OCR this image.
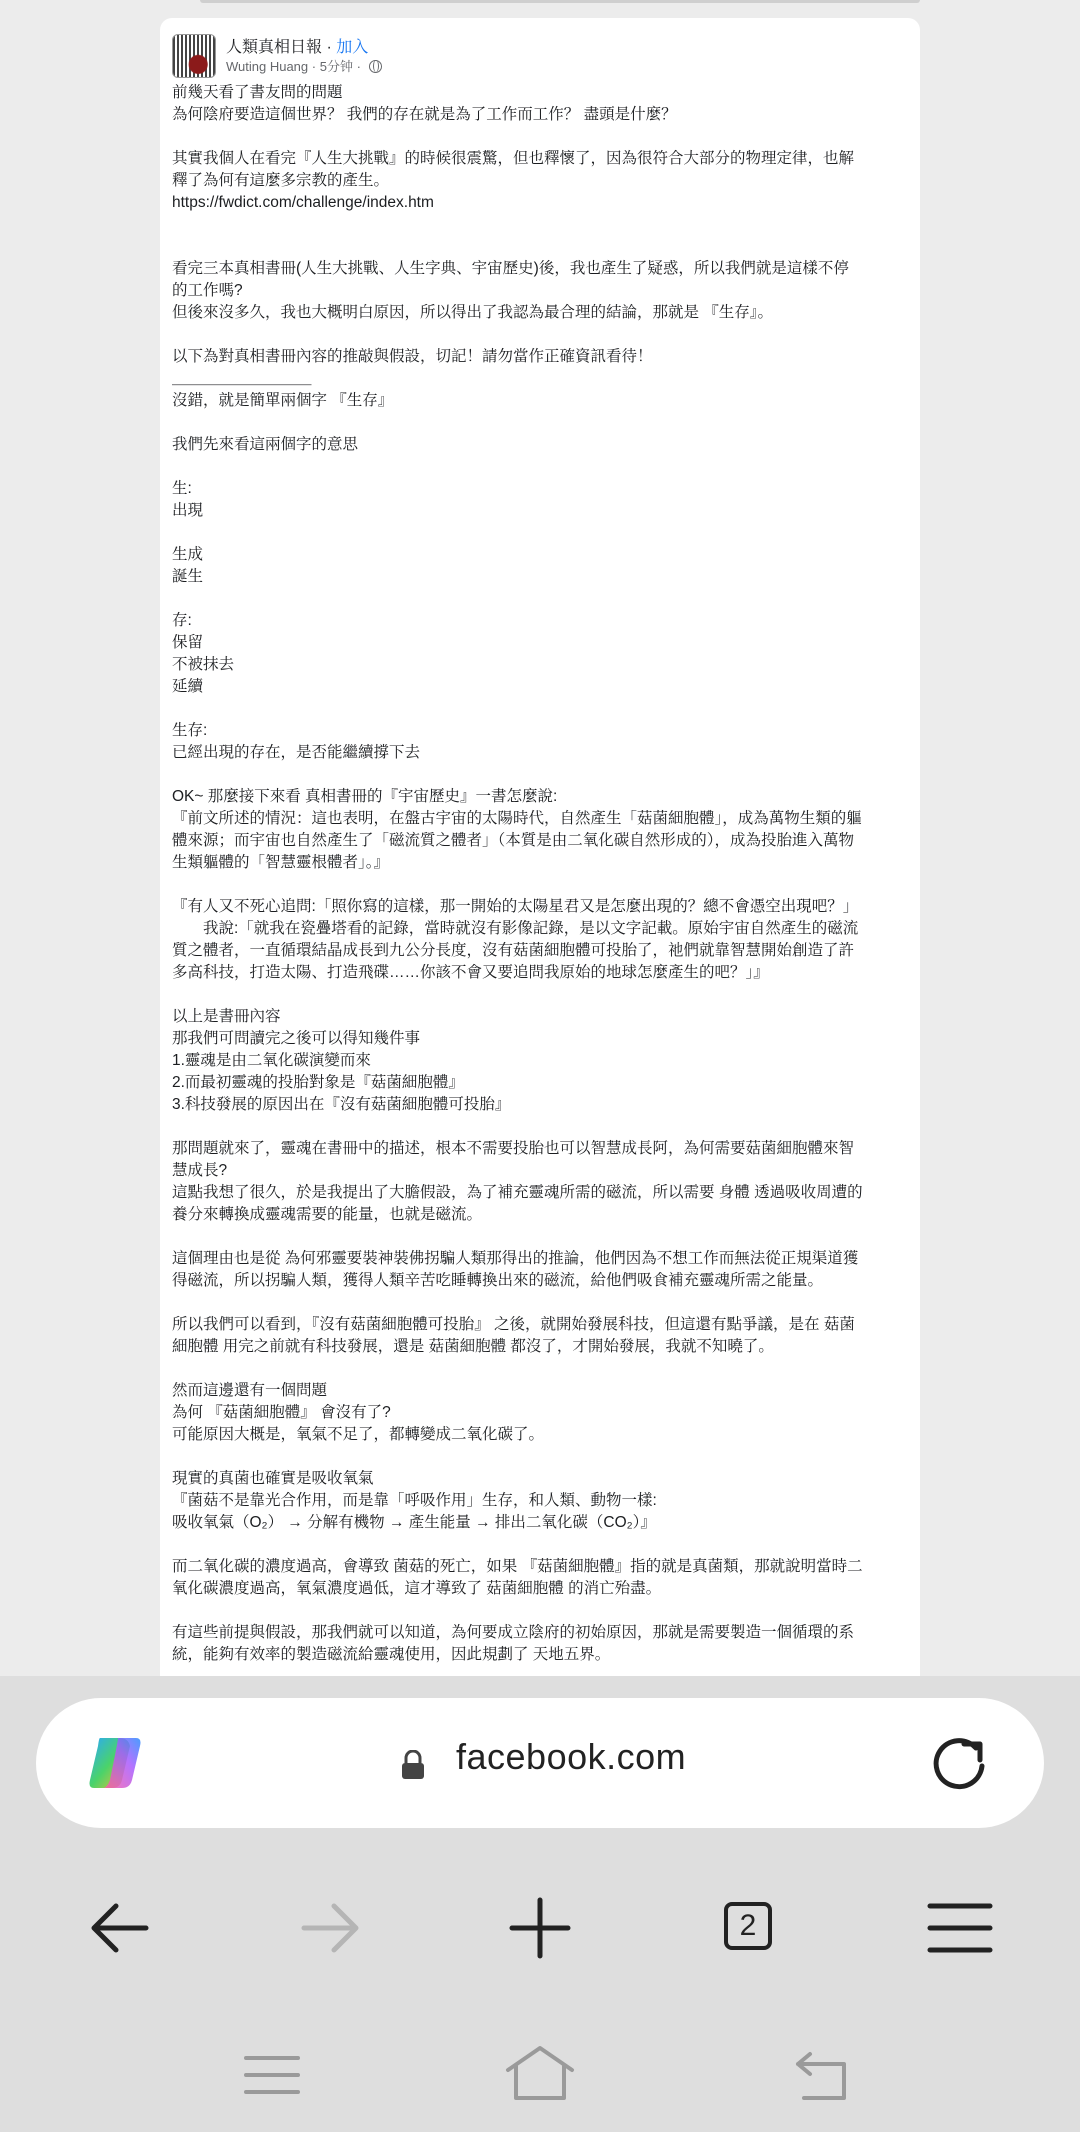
人類真相日報 · 加入
Wuting Huang · 5分钟 ·
前幾天看了書友問的問題
為何陰府要造這個世界？ 我們的存在就是為了工作而工作？ 盡頭是什麼？
其實我個人在看完『人生大挑戰』的時候很震驚，但也釋懷了，因為很符合大部分的物理定律，也解
釋了為何有這麼多宗教的產生。
https://fwdict.com/challenge/index.htm
看完三本真相書冊(人生大挑戰、人生字典、宇宙歷史)後，我也產生了疑惑，所以我們就是這樣不停
的工作嗎?
但後來沒多久，我也大概明白原因，所以得出了我認為最合理的結論，那就是 『生存』。
以下為對真相書冊內容的推敲與假設，切記！請勿當作正確資訊看待！
＿＿＿＿＿＿＿＿＿
沒錯，就是簡單兩個字 『生存』
我們先來看這兩個字的意思
生:
出現
生成
誕生
存:
保留
不被抹去
延續
生存:
已經出現的存在，是否能繼續撐下去
OK~ 那麼接下來看 真相書冊的『宇宙歷史』一書怎麼說:
『前文所述的情況：這也表明，在盤古宇宙的太陽時代，自然產生「菇菌細胞體」，成為萬物生類的軀
體來源；而宇宙也自然產生了「磁流質之體者」（本質是由二氧化碳自然形成的），成為投胎進入萬物
生類軀體的「智慧靈根體者」。』
『有人又不死心追問:「照你寫的這樣，那一開始的太陽星君又是怎麼出現的？總不會憑空出現吧？」
　　我說:「就我在瓷疊塔看的記錄，當時就沒有影像記錄，是以文字記載。原始宇宙自然產生的磁流
質之體者，一直循環結晶成長到九公分長度，沒有菇菌細胞體可投胎了，祂們就靠智慧開始創造了許
多高科技，打造太陽、打造飛碟……你該不會又要追問我原始的地球怎麼產生的吧？」』
以上是書冊內容
那我們可問讀完之後可以得知幾件事
1.靈魂是由二氧化碳演變而來
2.而最初靈魂的投胎對象是『菇菌細胞體』
3.科技發展的原因出在『沒有菇菌細胞體可投胎』
那問題就來了，靈魂在書冊中的描述，根本不需要投胎也可以智慧成長阿，為何需要菇菌細胞體來智
慧成長?
這點我想了很久，於是我提出了大膽假設，為了補充靈魂所需的磁流，所以需要 身體 透過吸收周遭的
養分來轉換成靈魂需要的能量，也就是磁流。
這個理由也是從 為何邪靈要裝神裝佛拐騙人類那得出的推論，他們因為不想工作而無法從正規渠道獲
得磁流，所以拐騙人類，獲得人類辛苦吃睡轉換出來的磁流，給他們吸食補充靈魂所需之能量。
所以我們可以看到，『沒有菇菌細胞體可投胎』 之後，就開始發展科技，但這還有點爭議，是在 菇菌
細胞體 用完之前就有科技發展，還是 菇菌細胞體 都沒了，才開始發展，我就不知曉了。
然而這邊還有一個問題
為何 『菇菌細胞體』 會沒有了?
可能原因大概是，氧氣不足了，都轉變成二氧化碳了。
現實的真菌也確實是吸收氧氣
『菌菇不是靠光合作用，而是靠「呼吸作用」生存，和人類、動物一樣:
吸收氧氣（O₂） → 分解有機物 → 產生能量 → 排出二氧化碳（CO₂）』
而二氧化碳的濃度過高，會導致 菌菇的死亡，如果 『菇菌細胞體』指的就是真菌類，那就說明當時二
氧化碳濃度過高，氧氣濃度過低，這才導致了 菇菌細胞體 的消亡殆盡。
有這些前提與假設，那我們就可以知道，為何要成立陰府的初始原因，那就是需要製造一個循環的系
統，能夠有效率的製造磁流給靈魂使用，因此規劃了 天地五界。
facebook.com
2
